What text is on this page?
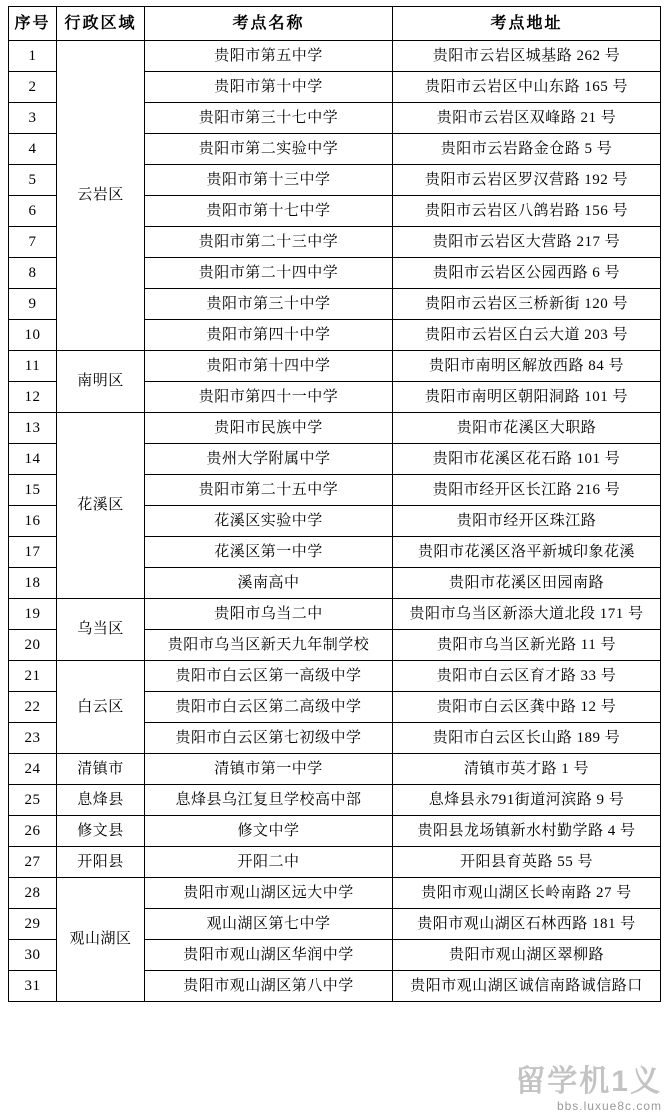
序号	行政区域	考点名称	考点地址
1	云岩区	贵阳市第五中学	贵阳市云岩区城基路 262 号
2		贵阳市第十中学	贵阳市云岩区中山东路 165 号
3		贵阳市第三十七中学	贵阳市云岩区双峰路 21 号
4		贵阳市第二实验中学	贵阳市云岩路金仓路 5 号
5		贵阳市第十三中学	贵阳市云岩区罗汉营路 192 号
6		贵阳市第十七中学	贵阳市云岩区八鸽岩路 156 号
7		贵阳市第二十三中学	贵阳市云岩区大营路 217 号
8		贵阳市第二十四中学	贵阳市云岩区公园西路 6 号
9		贵阳市第三十中学	贵阳市云岩区三桥新街 120 号
10		贵阳市第四十中学	贵阳市云岩区白云大道 203 号
11	南明区	贵阳市第十四中学	贵阳市南明区解放西路 84 号
12		贵阳市第四十一中学	贵阳市南明区朝阳洞路 101 号
13	花溪区	贵阳市民族中学	贵阳市花溪区大职路
14		贵州大学附属中学	贵阳市花溪区花石路 101 号
15		贵阳市第二十五中学	贵阳市经开区长江路 216 号
16		花溪区实验中学	贵阳市经开区珠江路
17		花溪区第一中学	贵阳市花溪区洛平新城印象花溪
18		溪南高中	贵阳市花溪区田园南路
19	乌当区	贵阳市乌当二中	贵阳市乌当区新添大道北段 171 号
20		贵阳市乌当区新天九年制学校	贵阳市乌当区新光路 11 号
21	白云区	贵阳市白云区第一高级中学	贵阳市白云区育才路 33 号
22		贵阳市白云区第二高级中学	贵阳市白云区龚中路 12 号
23		贵阳市白云区第七初级中学	贵阳市白云区长山路 189 号
24	清镇市	清镇市第一中学	清镇市英才路 1 号
25	息烽县	息烽县乌江复旦学校高中部	息烽县永791街道河滨路 9 号
26	修文县	修文中学	贵阳县龙场镇新水村勤学路 4 号
27	开阳县	开阳二中	开阳县育英路 55 号
28	观山湖区	贵阳市观山湖区远大中学	贵阳市观山湖区长岭南路 27 号
29		观山湖区第七中学	贵阳市观山湖区石林西路 181 号
30		贵阳市观山湖区华润中学	贵阳市观山湖区翠柳路
31		贵阳市观山湖区第八中学	贵阳市观山湖区诚信南路诚信路口
留学机1义
bbs.luxue8c.com
